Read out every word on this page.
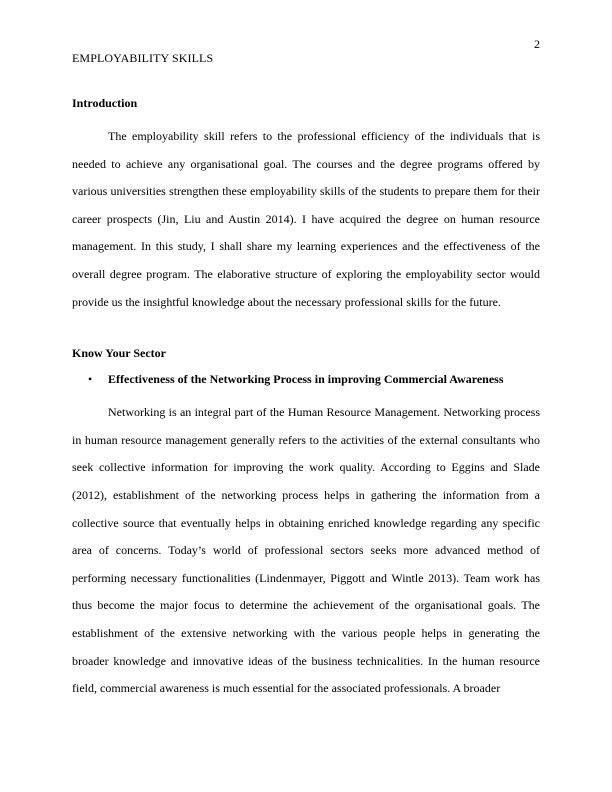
2
EMPLOYABILITY SKILLS

Introduction

The employability skill refers to the professional efficiency of the individuals that is needed to achieve any organisational goal. The courses and the degree programs offered by various universities strengthen these employability skills of the students to prepare them for their career prospects (Jin, Liu and Austin 2014). I have acquired the degree on human resource management. In this study, I shall share my learning experiences and the effectiveness of the overall degree program. The elaborative structure of exploring the employability sector would provide us the insightful knowledge about the necessary professional skills for the future.

Know Your Sector

•	Effectiveness of the Networking Process in improving Commercial Awareness

Networking is an integral part of the Human Resource Management. Networking process in human resource management generally refers to the activities of the external consultants who seek collective information for improving the work quality. According to Eggins and Slade (2012), establishment of the networking process helps in gathering the information from a collective source that eventually helps in obtaining enriched knowledge regarding any specific area of concerns. Today’s world of professional sectors seeks more advanced method of performing necessary functionalities (Lindenmayer, Piggott and Wintle 2013). Team work has thus become the major focus to determine the achievement of the organisational goals. The establishment of the extensive networking with the various people helps in generating the broader knowledge and innovative ideas of the business technicalities. In the human resource field, commercial awareness is much essential for the associated professionals. A broader
